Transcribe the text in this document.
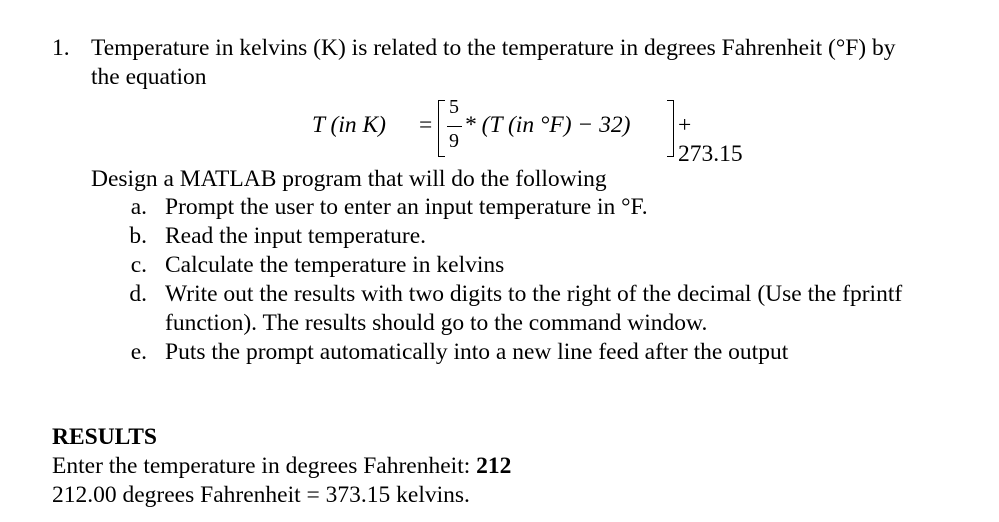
1. Temperature in kelvins (K) is related to the temperature in degrees Fahrenheit (°F) by
the equation
T (in K) =
5
9
* (T (in °F) − 32) + 273.15
Design a MATLAB program that will do the following
a. Prompt the user to enter an input temperature in °F.
b. Read the input temperature.
c. Calculate the temperature in kelvins
d. Write out the results with two digits to the right of the decimal (Use the fprintf
function). The results should go to the command window.
e. Puts the prompt automatically into a new line feed after the output
RESULTS
Enter the temperature in degrees Fahrenheit: 212
212.00 degrees Fahrenheit = 373.15 kelvins.
